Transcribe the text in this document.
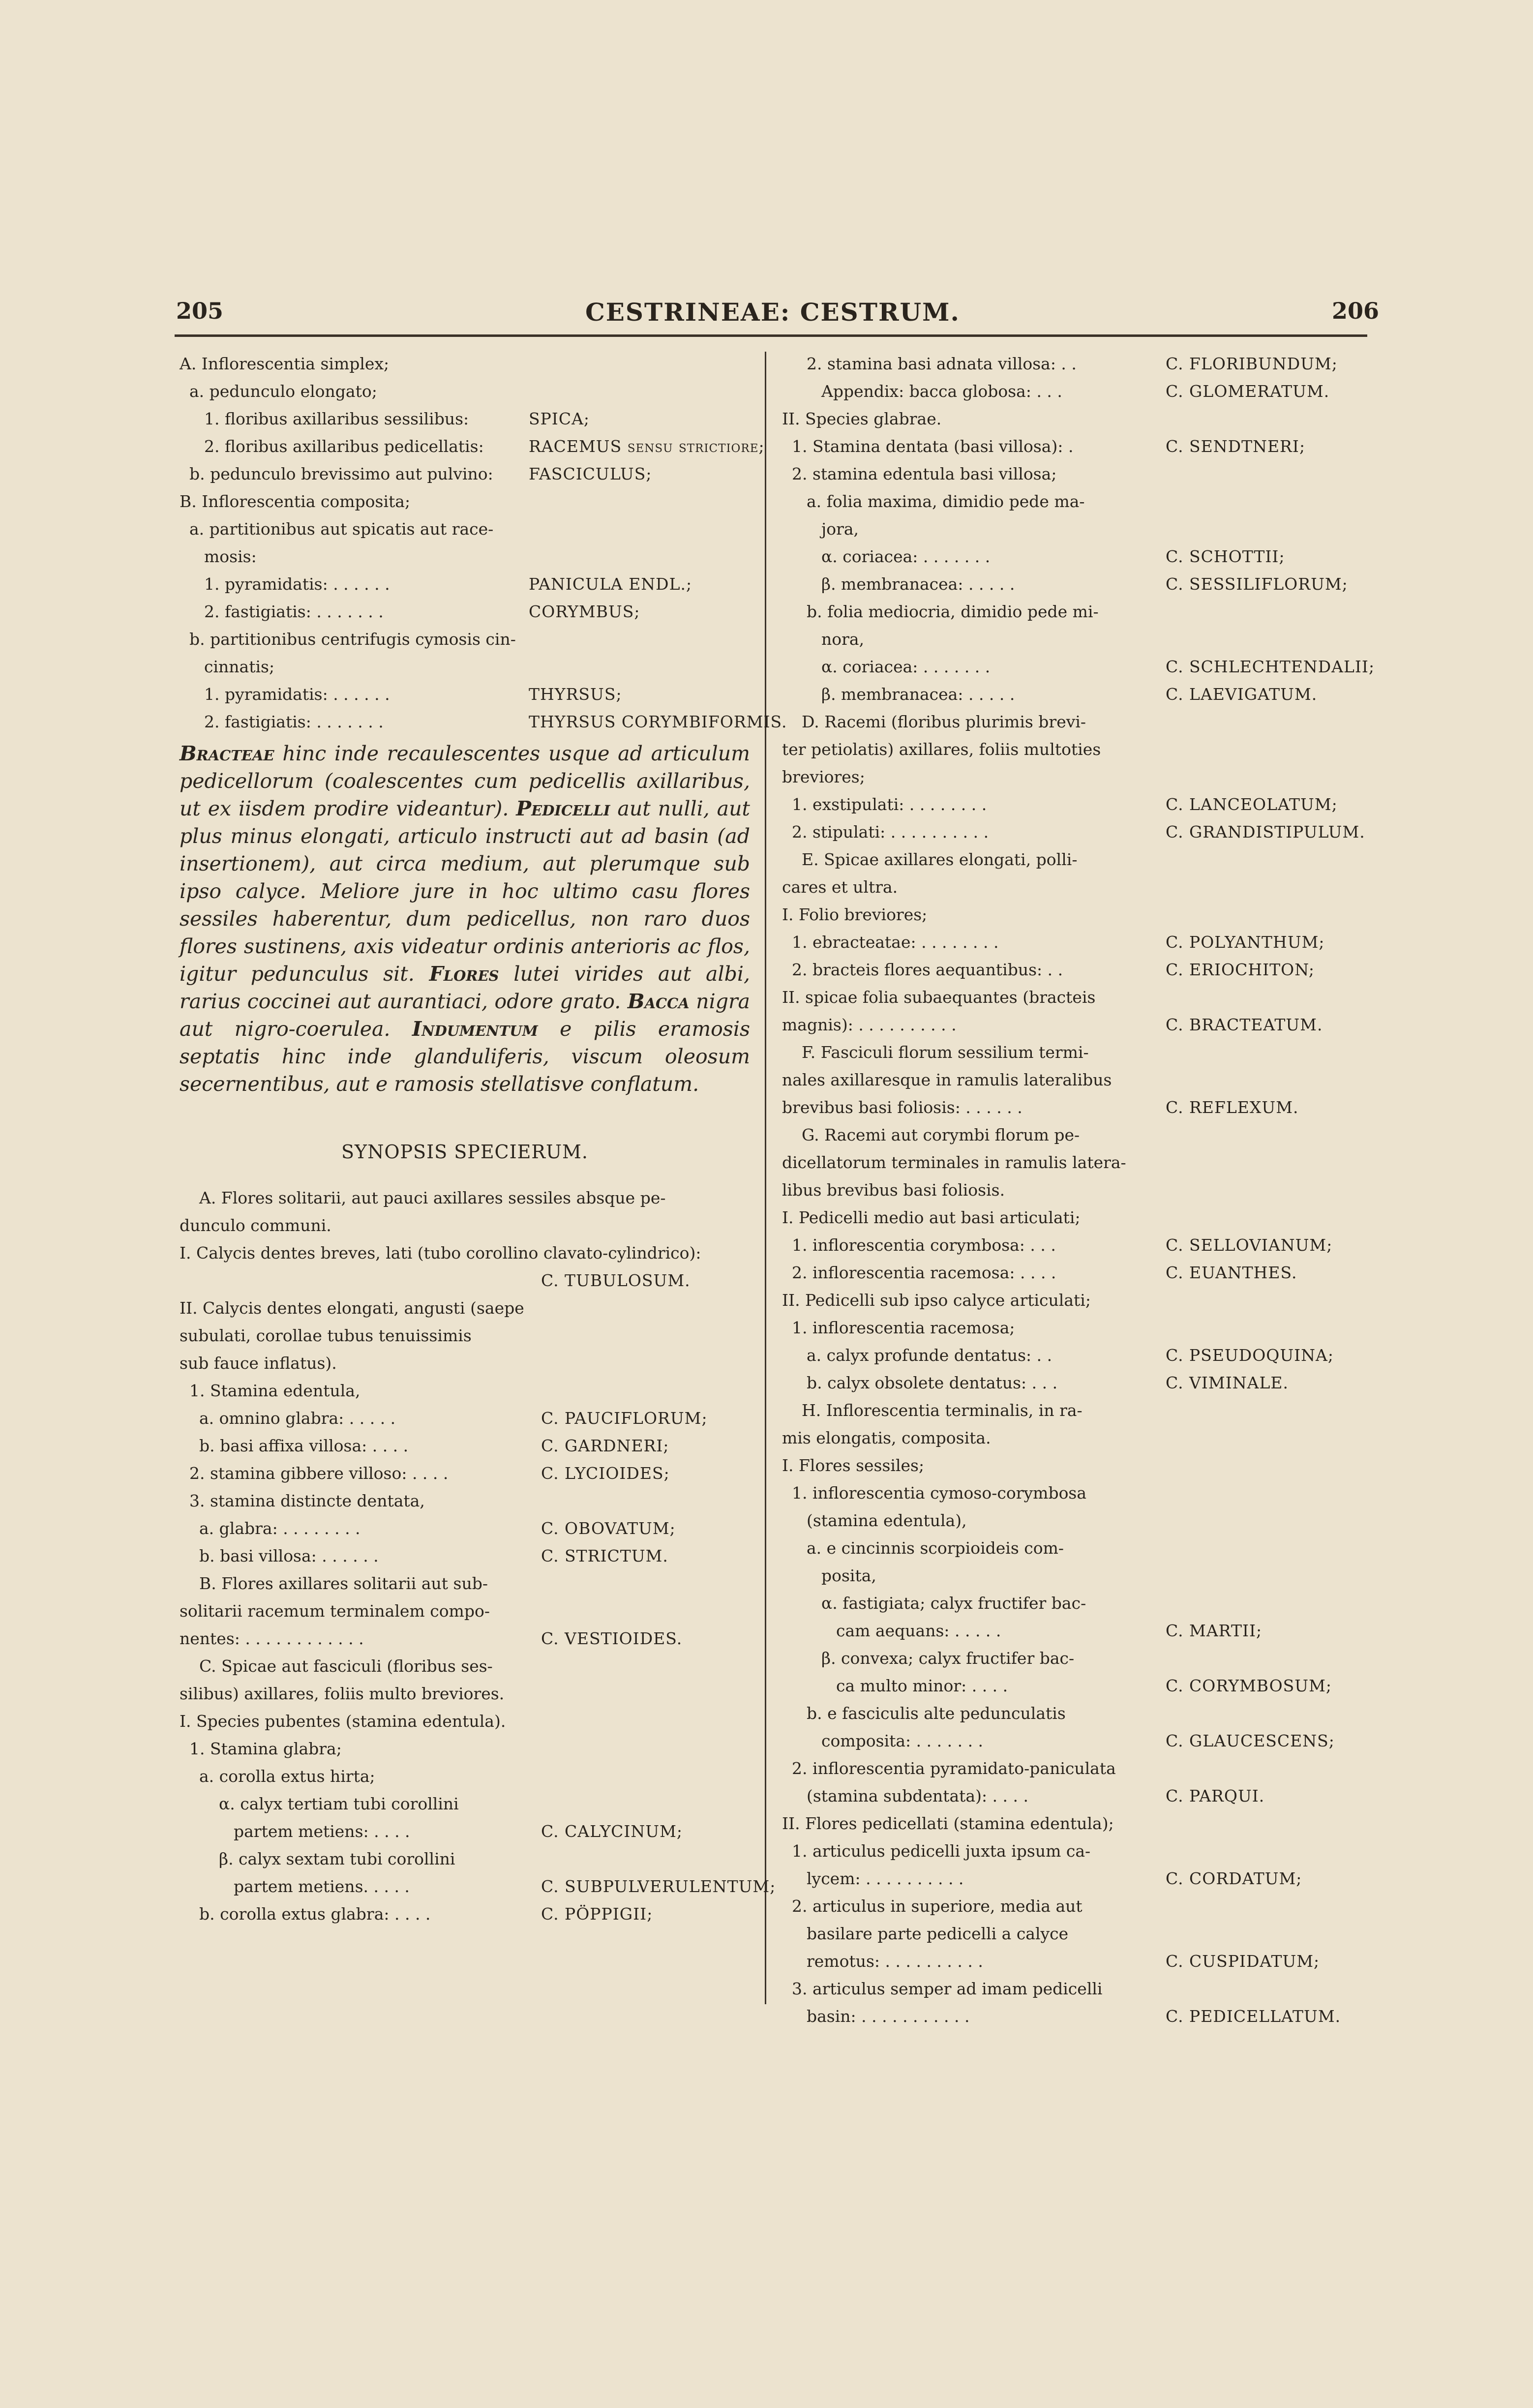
205	CESTRINEAE: CESTRUM.	206
A. Inflorescentia simplex;
a. pedunculo elongato;
1. floribus axillaribus sessilibus:	SPICA;
2. floribus axillaribus pedicellatis:	RACEMUS sensu strictiore;
b. pedunculo brevissimo aut pulvino: FASCICULUS;
B. Inflorescentia composita;
a. partitionibus aut spicatis aut race-
mosis:
1. pyramidatis: . . . . . .	PANICULA ENDL.;
2. fastigiatis: . . . . . . .	CORYMBUS;
b. partitionibus centrifugis cymosis cin-
cinnatis;
1. pyramidatis: . . . . . .	THYRSUS;
2. fastigiatis: . . . . . . .	THYRSUS CORYMBIFORMIS.

Bracteae hinc inde recaulescentes usque ad articulum pedicellorum (coalescentes cum pedicellis axillaribus, ut ex iisdem prodire videantur). Pedicelli aut nulli, aut plus minus elongati, articulo instructi aut ad basin (ad insertionem), aut circa medium, aut plerumque sub ipso calyce. Meliore jure in hoc ultimo casu flores sessiles haberentur, dum pedicellus, non raro duos flores sustinens, axis videatur ordinis anterioris ac flos, igitur pedunculus sit. Flores lutei virides aut albi, rarius coccinei aut aurantiaci, odore grato. Bacca nigra aut nigro-coerulea. Indumentum e pilis eramosis septatis hinc inde glanduliferis, viscum oleosum secernentibus, aut e ramosis stellatisve conflatum.

SYNOPSIS SPECIERUM.
A. Flores solitarii, aut pauci axillares sessiles absque pe-
dunculo communi.
I. Calycis dentes breves, lati (tubo corollino clavato-cylindrico):
C. TUBULOSUM.
II. Calycis dentes elongati, angusti (saepe
subulati, corollae tubus tenuissimis
sub fauce inflatus).
1. Stamina edentula,
a. omnino glabra: . . . . .	C. PAUCIFLORUM;
b. basi affixa villosa: . . . .	C. GARDNERI;
2. stamina gibbere villoso: . . . .	C. LYCIOIDES;
3. stamina distincte dentata,
a. glabra: . . . . . . . .	C. OBOVATUM;
b. basi villosa: . . . . . .	C. STRICTUM.
B. Flores axillares solitarii aut sub-
solitarii racemum terminalem compo-
nentes: . . . . . . . . . . . .	C. VESTIOIDES.
C. Spicae aut fasciculi (floribus ses-
silibus) axillares, foliis multo breviores.
I. Species pubentes (stamina edentula).
1. Stamina glabra;
a. corolla extus hirta;
α. calyx tertiam tubi corollini
partem metiens: . . . .	C. CALYCINUM;
β. calyx sextam tubi corollini
partem metiens. . . . .	C. SUBPULVERULENTUM;
b. corolla extus glabra: . . . .	C. PÖPPIGII;
2. stamina basi adnata villosa: . .	C. FLORIBUNDUM;
Appendix: bacca globosa: . . .	C. GLOMERATUM.
II. Species glabrae.
1. Stamina dentata (basi villosa): .	C. SENDTNERI;
2. stamina edentula basi villosa;
a. folia maxima, dimidio pede ma-
jora,
α. coriacea: . . . . . . .	C. SCHOTTII;
β. membranacea: . . . . .	C. SESSILIFLORUM;
b. folia mediocria, dimidio pede mi-
nora,
α. coriacea: . . . . . . .	C. SCHLECHTENDALII;
β. membranacea: . . . . .	C. LAEVIGATUM.
D. Racemi (floribus plurimis brevi-
ter petiolatis) axillares, foliis multoties
breviores;
1. exstipulati: . . . . . . . .	C. LANCEOLATUM;
2. stipulati: . . . . . . . . . .	C. GRANDISTIPULUM.
E. Spicae axillares elongati, polli-
cares et ultra.
I. Folio breviores;
1. ebracteatae: . . . . . . . .	C. POLYANTHUM;
2. bracteis flores aequantibus: . .	C. ERIOCHITON;
II. spicae folia subaequantes (bracteis
magnis): . . . . . . . . . .	C. BRACTEATUM.
F. Fasciculi florum sessilium termi-
nales axillaresque in ramulis lateralibus
brevibus basi foliosis: . . . . . .	C. REFLEXUM.
G. Racemi aut corymbi florum pe-
dicellatorum terminales in ramulis latera-
libus brevibus basi foliosis.
I. Pedicelli medio aut basi articulati;
1. inflorescentia corymbosa: . . .	C. SELLOVIANUM;
2. inflorescentia racemosa: . . . .	C. EUANTHES.
II. Pedicelli sub ipso calyce articulati;
1. inflorescentia racemosa;
a. calyx profunde dentatus: . .	C. PSEUDOQUINA;
b. calyx obsolete dentatus: . . .	C. VIMINALE.
H. Inflorescentia terminalis, in ra-
mis elongatis, composita.
I. Flores sessiles;
1. inflorescentia cymoso-corymbosa
(stamina edentula),
a. e cincinnis scorpioideis com-
posita,
α. fastigiata; calyx fructifer bac-
cam aequans: . . . . .	C. MARTII;
β. convexa; calyx fructifer bac-
ca multo minor: . . . .	C. CORYMBOSUM;
b. e fasciculis alte pedunculatis
composita: . . . . . . .	C. GLAUCESCENS;
2. inflorescentia pyramidato-paniculata
(stamina subdentata): . . . .	C. PARQUI.
II. Flores pedicellati (stamina edentula);
1. articulus pedicelli juxta ipsum ca-
lycem: . . . . . . . . . .	C. CORDATUM;
2. articulus in superiore, media aut
basilare parte pedicelli a calyce
remotus: . . . . . . . . . .	C. CUSPIDATUM;
3. articulus semper ad imam pedicelli
basin: . . . . . . . . . . .	C. PEDICELLATUM.
